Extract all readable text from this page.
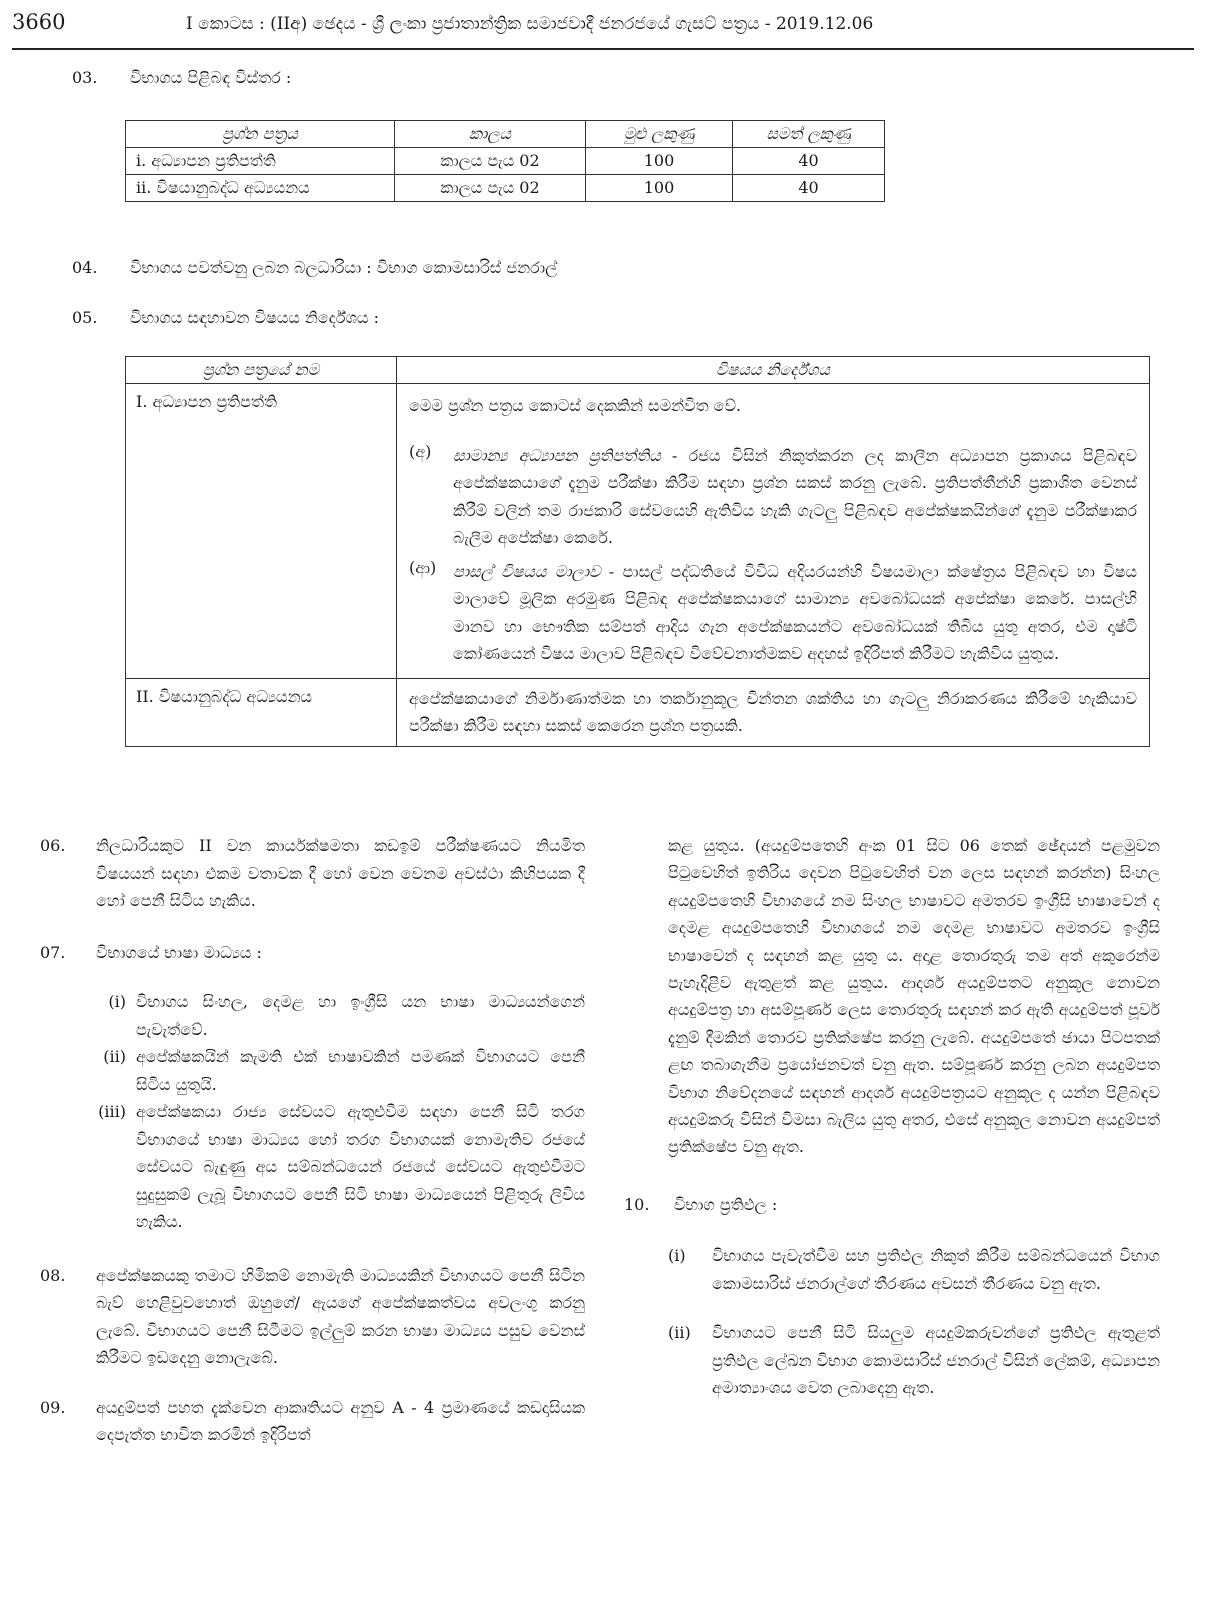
3660	I කොටස : (IIඅ) ඡෙදය - ශ්‍රී ලංකා ප්‍රජාතාන්ත්‍රික සමාජවාදී ජනරජයේ ගැසට් පත්‍රය - 2019.12.06
03. විභාගය පිළිබඳ විස්තර :
ප්‍රශ්න පත්‍රය	කාලය	මුළු ලකුණු	සමත් ලකුණු
i. අධ්‍යාපන ප්‍රතිපත්ති	කාලය පැය 02	100	40
ii. විෂයානුබද්ධ අධ්‍යයනය	කාලය පැය 02	100	40
04. විභාගය පවත්වනු ලබන බලධාරියා : විභාග කොමසාරිස් ජනරාල්
05. විභාගය සඳහාවන විෂයය නිර්දේශය :
ප්‍රශ්න පත්‍රයේ නම	විෂයය නිර්දේශය
I. අධ්‍යාපන ප්‍රතිපත්ති	මෙම ප්‍රශ්න පත්‍රය කොටස් දෙකකින් සමන්විත වේ.
(අ) සාමාන්‍ය අධ්‍යාපන ප්‍රතිපත්තිය - රජය විසින් නිකුත්කරන ලද කාලීන අධ්‍යාපන ප්‍රකාශය පිළිබඳව අපේක්ෂකයාගේ දැනුම පරීක්ෂා කිරීම සඳහා ප්‍රශ්න සකස් කරනු ලැබේ. ප්‍රතිපත්තීන්හි ප්‍රකාශිත වෙනස් කිරීම් වලින් තම රාජකාරි සේවයෙහි ඇතිවිය හැකි ගැටලු පිළිබඳව අපේක්ෂකයින්ගේ දැනුම පරීක්ෂාකර බැලීම අපේක්ෂා කෙරේ.
(ආ) පාසල් විෂයය මාලාව - පාසල් පද්ධතියේ විවිධ අදියරයන්හි විෂයමාලා ක්ෂේත්‍රය පිළිබඳව හා විෂය මාලාවේ මූලික අරමුණ පිළිබඳ අපේක්ෂකයාගේ සාමාන්‍ය අවබෝධයක් අපේක්ෂා කෙරේ. පාසල්හි මානව හා භෞතික සම්පත් ආදිය ගැන අපේක්ෂකයන්ට අවබෝධයක් තිබිය යුතු අතර, එම දෘෂ්ටි කෝණයෙන් විෂය මාලාව පිළිබඳව විවේචනාත්මකව අදහස් ඉදිරිපත් කිරීමට හැකිවිය යුතුය.

II. විෂයානුබද්ධ අධ්‍යයනය	අපේක්ෂකයාගේ නිර්මාණාත්මක හා තර්කානුකූල චින්තන ශක්තිය හා ගැටලු නිරාකරණය කිරීමේ හැකියාව පරීක්ෂා කිරීම සඳහා සකස් කෙරෙන ප්‍රශ්න පත්‍රයකි.
06.	නිලධාරියකුට II වන කාර්යක්ෂමතා කඩඉම් පරීක්ෂණයට නියමිත විෂයයන් සඳහා එකම වතාවක දී හෝ වෙන වෙනම අවස්ථා කිහිපයක දී හෝ පෙනී සිටිය හැකිය.
07.	විභාගයේ භාෂා මාධ්‍යය :
(i) විභාගය සිංහල, දෙමළ හා ඉංග්‍රීසි යන භාෂා මාධ්‍යයන්ගෙන් පැවැත්වේ.
(ii) අපේක්ෂකයින් කැමති එක් භාෂාවකින් පමණක් විභාගයට පෙනී සිටිය යුතුයි.
(iii) අපේක්ෂකයා රාජ්‍ය සේවයට ඇතුළුවීම සඳහා පෙනී සිටි තරග විභාගයේ භාෂා මාධ්‍යය හෝ තරග විභාගයක් නොමැතිව රජයේ සේවයට බැඳුණු අය සම්බන්ධයෙන් රජයේ සේවයට ඇතුළුවීමට සුදුසුකම් ලැබූ විභාගයට පෙනී සිටි භාෂා මාධ්‍යයෙන් පිළිතුරු ලිවිය හැකිය.
08.	අපේක්ෂකයකු තමාට හිමිකම් නොමැති මාධ්‍යයකින් විභාගයට පෙනී සිටින බැව් හෙළිවුවහොත් ඔහුගේ/ ඇයගේ අපේක්ෂකත්වය අවලංගු කරනු ලැබේ. විභාගයට පෙනී සිටීමට ඉල්ලුම් කරන භාෂා මාධ්‍යය පසුව වෙනස් කිරීමට ඉඩදෙනු නොලැබේ.
09.	අයදුම්පත් පහත දැක්වෙන ආකෘතියට අනුව A - 4 ප්‍රමාණයේ කඩදාසියක දෙපැත්ත භාවිත කරමින් ඉදිරිපත්
කළ යුතුය. (අයදුම්පතෙහි අංක 01 සිට 06 තෙක් ඡේදයන් පළමුවන පිටුවෙහිත් ඉතිරිය දෙවන පිටුවෙහිත් වන ලෙස සඳහන් කරන්න) සිංහල අයදුම්පතෙහි විභාගයේ නම සිංහල භාෂාවට අමතරව ඉංග්‍රීසි භාෂාවෙන් ද දෙමළ අයදුම්පතෙහි විභාගයේ නම දෙමළ භාෂාවට අමතරව ඉංග්‍රීසි භාෂාවෙන් ද සඳහන් කළ යුතු ය. අදාළ තොරතුරු තම අත් අකුරෙන්ම පැහැදිළිව ඇතුළත් කළ යුතුය. ආදර්ශ අයදුම්පතට අනුකූල නොවන අයදුම්පත්‍ර හා අසම්පූර්ණ ලෙස තොරතුරු සඳහන් කර ඇති අයදුම්පත් පූර්ව දැනුම් දීමකින් තොරව ප්‍රතික්ෂේප කරනු ලැබේ. අයදුම්පතේ ඡායා පිටපතක් ළඟ තබාගැනීම ප්‍රයෝජනවත් වනු ඇත. සම්පූර්ණ කරනු ලබන අයදුම්පත විභාග නිවේදනයේ සඳහන් ආදර්ශ අයදුම්පත්‍රයට අනුකූල ද යන්න පිළිබඳව අයදුම්කරු විසින් විමසා බැලිය යුතු අතර, එසේ අනුකූල නොවන අයදුම්පත් ප්‍රතික්ෂේප වනු ඇත.
10.	විභාග ප්‍රතිඵල :
(i)	විභාගය පැවැත්වීම සහ ප්‍රතිඵල නිකුත් කිරීම සම්බන්ධයෙන් විභාග කොමසාරිස් ජනරාල්ගේ තීරණය අවසන් තීරණය වනු ඇත.
(ii)	විභාගයට පෙනී සිටි සියලුම අයදුම්කරුවන්ගේ ප්‍රතිඵල ඇතුළත් ප්‍රතිඵල ලේඛන විභාග කොමසාරිස් ජනරාල් විසින් ලේකම්, අධ්‍යාපන අමාත්‍යාංශය වෙත ලබාදෙනු ඇත.
